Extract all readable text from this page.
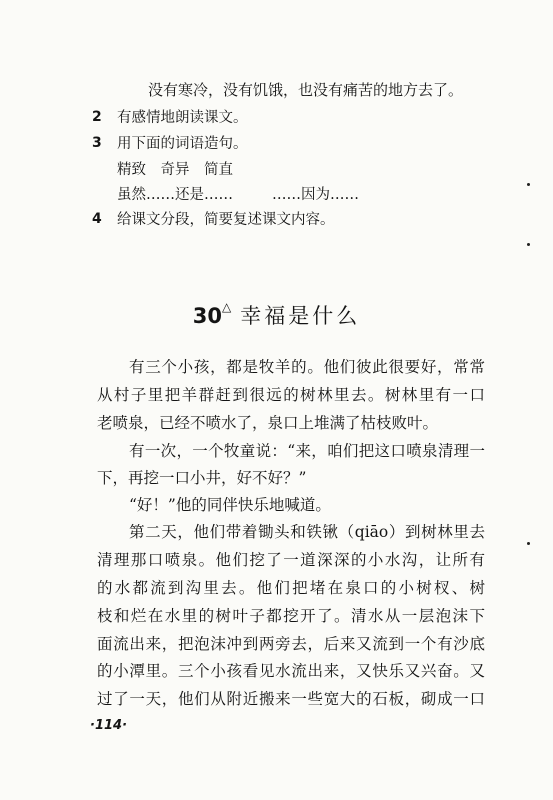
没有寒冷，没有饥饿，也没有痛苦的地方去了。
2 有感情地朗读课文。
3 用下面的词语造句。
精致　奇异　简直
虽然……还是……	……因为……
4 给课文分段，简要复述课文内容。
30△ 幸福是什么
有三个小孩，都是牧羊的。他们彼此很要好，常常
从村子里把羊群赶到很远的树林里去。树林里有一口
老喷泉，已经不喷水了，泉口上堆满了枯枝败叶。
有一次，一个牧童说：“来，咱们把这口喷泉清理一
下，再挖一口小井，好不好？”
“好！”他的同伴快乐地喊道。
第二天，他们带着锄头和铁锹（qiāo）到树林里去
清理那口喷泉。他们挖了一道深深的小水沟，让所有
的水都流到沟里去。他们把堵在泉口的小树杈、树
枝和烂在水里的树叶子都挖开了。清水从一层泡沫下
面流出来，把泡沫冲到两旁去，后来又流到一个有沙底
的小潭里。三个小孩看见水流出来，又快乐又兴奋。又
过了一天，他们从附近搬来一些宽大的石板，砌成一口
·114·
